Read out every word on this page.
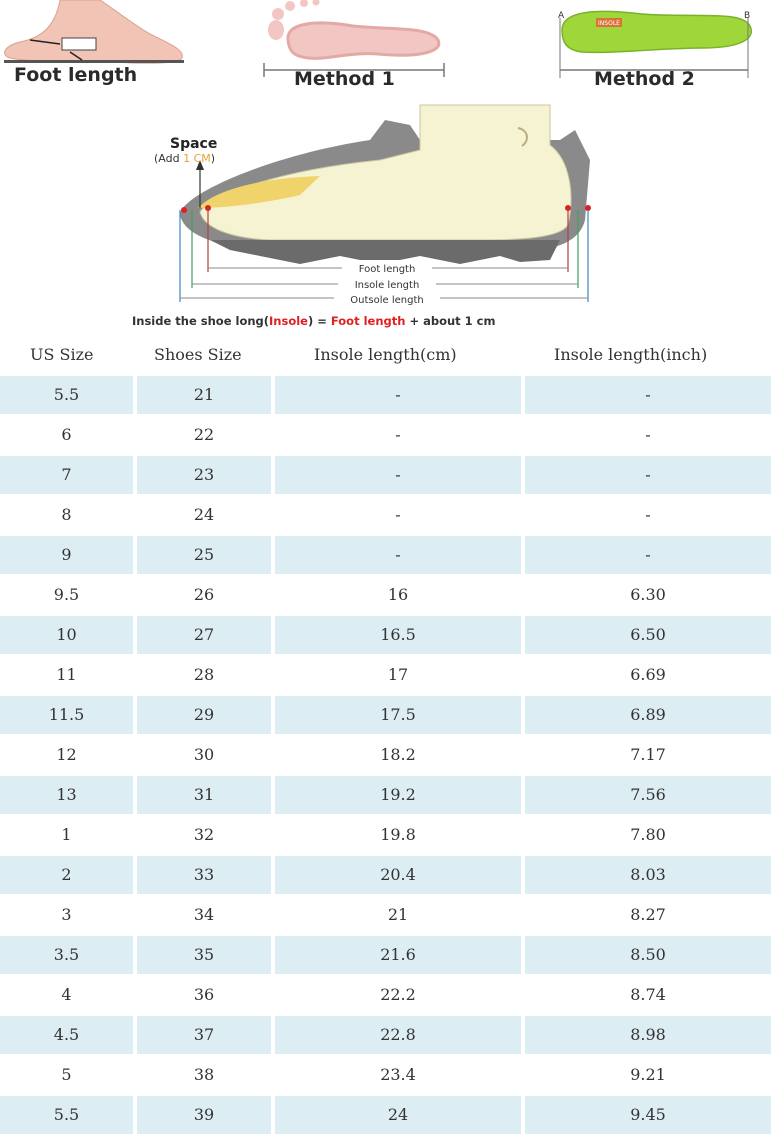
Foot length	Method 1
INSOLE
A	B
Method 2
Foot length
Insole length
Outsole length
Space
(Add 1 CM)
Inside the shoe long(Insole) = Foot length + about 1 cm
US Size	Shoes Size	Insole length(cm)	Insole length(inch)
5.5	21	-	-
6	22	-	-
7	23	-	-
8	24	-	-
9	25	-	-
9.5	26	16	6.30
10	27	16.5	6.50
11	28	17	6.69
11.5	29	17.5	6.89
12	30	18.2	7.17
13	31	19.2	7.56
1	32	19.8	7.80
2	33	20.4	8.03
3	34	21	8.27
3.5	35	21.6	8.50
4	36	22.2	8.74
4.5	37	22.8	8.98
5	38	23.4	9.21
5.5	39	24	9.45
